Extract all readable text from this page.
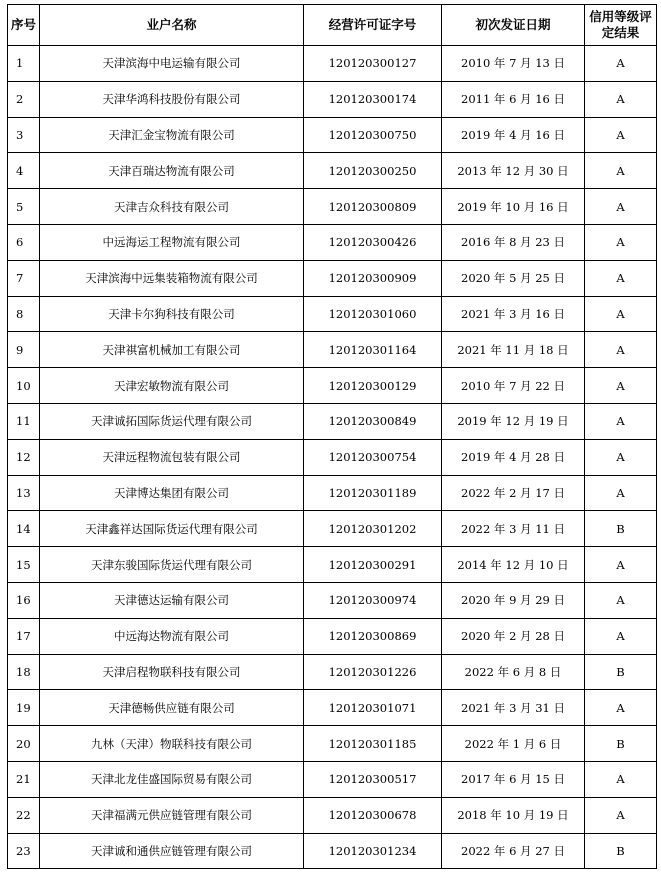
序号	业户名称	经营许可证字号	初次发证日期	信用等级评定结果
1	天津滨海中电运输有限公司	120120300127	2010 年 7 月 13 日	A
2	天津华鸿科技股份有限公司	120120300174	2011 年 6 月 16 日	A
3	天津汇金宝物流有限公司	120120300750	2019 年 4 月 16 日	A
4	天津百瑞达物流有限公司	120120300250	2013 年 12 月 30 日	A
5	天津吉众科技有限公司	120120300809	2019 年 10 月 16 日	A
6	中远海运工程物流有限公司	120120300426	2016 年 8 月 23 日	A
7	天津滨海中远集装箱物流有限公司	120120300909	2020 年 5 月 25 日	A
8	天津卡尔狗科技有限公司	120120301060	2021 年 3 月 16 日	A
9	天津祺富机械加工有限公司	120120301164	2021 年 11 月 18 日	A
10	天津宏敏物流有限公司	120120300129	2010 年 7 月 22 日	A
11	天津诚拓国际货运代理有限公司	120120300849	2019 年 12 月 19 日	A
12	天津远程物流包装有限公司	120120300754	2019 年 4 月 28 日	A
13	天津博达集团有限公司	120120301189	2022 年 2 月 17 日	A
14	天津鑫祥达国际货运代理有限公司	120120301202	2022 年 3 月 11 日	B
15	天津东骏国际货运代理有限公司	120120300291	2014 年 12 月 10 日	A
16	天津德达运输有限公司	120120300974	2020 年 9 月 29 日	A
17	中远海达物流有限公司	120120300869	2020 年 2 月 28 日	A
18	天津启程物联科技有限公司	120120301226	2022 年 6 月 8 日	B
19	天津德畅供应链有限公司	120120301071	2021 年 3 月 31 日	A
20	九林（天津）物联科技有限公司	120120301185	2022 年 1 月 6 日	B
21	天津北龙佳盛国际贸易有限公司	120120300517	2017 年 6 月 15 日	A
22	天津福满元供应链管理有限公司	120120300678	2018 年 10 月 19 日	A
23	天津诚和通供应链管理有限公司	120120301234	2022 年 6 月 27 日	B
